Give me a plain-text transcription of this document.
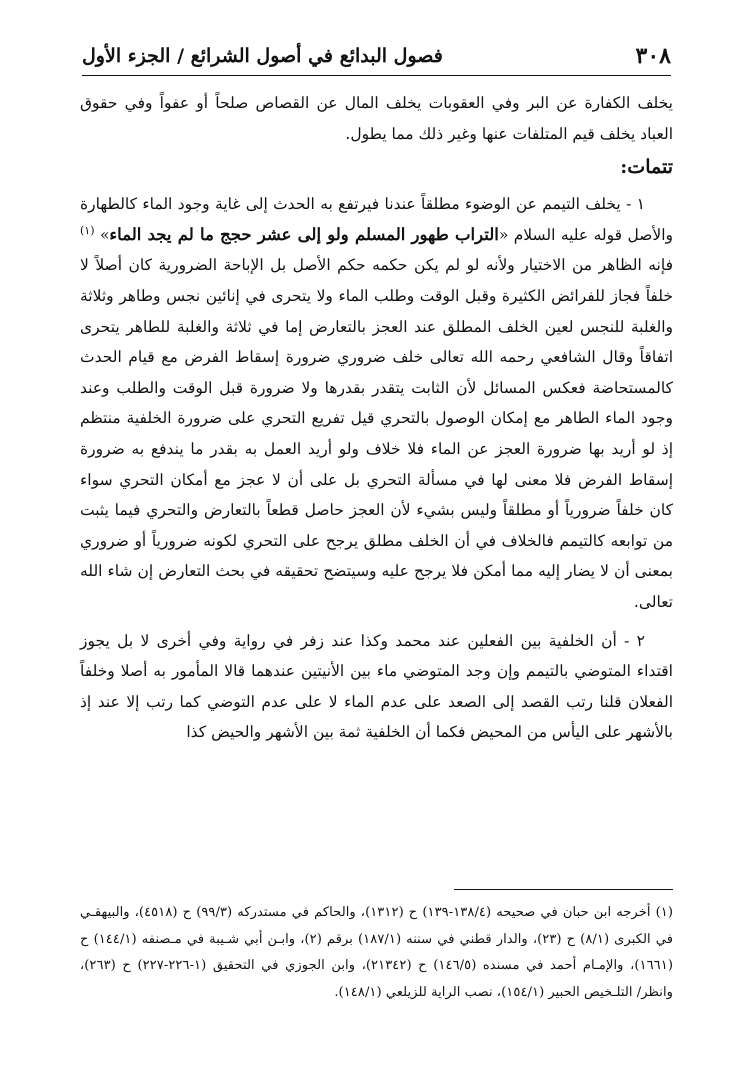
٣٠٨
فصول البدائع في أصول الشرائع / الجزء الأول

يخلف الكفارة عن البر وفي العقوبات يخلف المال عن القصاص صلحاً أو عفواً وفي حقوق العباد يخلف قيم المتلفات عنها وغير ذلك مما يطول.

تتمات:

١ - يخلف التيمم عن الوضوء مطلقاً عندنا فيرتفع به الحدث إلى غاية وجود الماء كالطهارة والأصل قوله عليه السلام «التراب طهور المسلم ولو إلى عشر حجج ما لم يجد الماء» $^{(١)}$ فإنه الظاهر من الاختيار ولأنه لو لم يكن حكمه حكم الأصل بل الإباحة الضرورية كان أصلاً لا خلفاً فجاز للفرائض الكثيرة وقبل الوقت وطلب الماء ولا يتحرى في إنائين نجس وطاهر وثلاثة والغلبة للنجس لعين الخلف المطلق عند العجز بالتعارض إما في ثلاثة والغلبة للطاهر يتحرى اتفاقاً وقال الشافعي رحمه الله تعالى خلف ضروري ضرورة إسقاط الفرض مع قيام الحدث كالمستحاضة فعكس المسائل لأن الثابت يتقدر بقدرها ولا ضرورة قبل الوقت والطلب وعند وجود الماء الطاهر مع إمكان الوصول بالتحري قيل تفريع التحري على ضرورة الخلفية منتظم إذ لو أريد بها ضرورة العجز عن الماء فلا خلاف ولو أريد العمل به بقدر ما يندفع به ضرورة إسقاط الفرض فلا معنى لها في مسألة التحري بل على أن لا عجز مع أمكان التحري سواء كان خلفاً ضرورياً أو مطلقاً وليس بشيء لأن العجز حاصل قطعاً بالتعارض والتحري فيما يثبت من توابعه كالتيمم فالخلاف في أن الخلف مطلق يرجح على التحري لكونه ضرورياً أو ضروري بمعنى أن لا يضار إليه مما أمكن فلا يرجح عليه وسيتضح تحقيقه في بحث التعارض إن شاء الله تعالى.

٢ - أن الخلفية بين الفعلين عند محمد وكذا عند زفر في رواية وفي أخرى لا بل يجوز اقتداء المتوضي بالتيمم وإن وجد المتوضي ماء بين الأنيتين عندهما قالا المأمور به أصلا وخلفاً الفعلان قلنا رتب القصد إلى الصعد على عدم الماء لا على عدم التوضي كما رتب إلا عند إذ بالأشهر على اليأس من المحيض فكما أن الخلفية ثمة بين الأشهر والحيض كذا

(١) أخرجه ابن حبان في صحيحه (١٣٨/٤-١٣٩) ح (١٣١٢)، والحاكم في مستدركه (٩٩/٣) ح (٤٥١٨)، والبيهقـي في الكبرى (٨/١) ح (٢٣)، والدار قطني في سننه (١٨٧/١) برقم (٢)، وابـن أبي شـيبة في مـصنفه (١٤٤/١) ح (١٦٦١)، والإمـام أحمد في مسنده (١٤٦/٥) ح (٢١٣٤٢)، وابن الجوزي في التحقيق (١-٢٢٦-٢٢٧) ح (٢٦٣)، وانظر/ التلـخيص الحبير (١٥٤/١)، نصب الراية للزيلعي (١٤٨/١).
